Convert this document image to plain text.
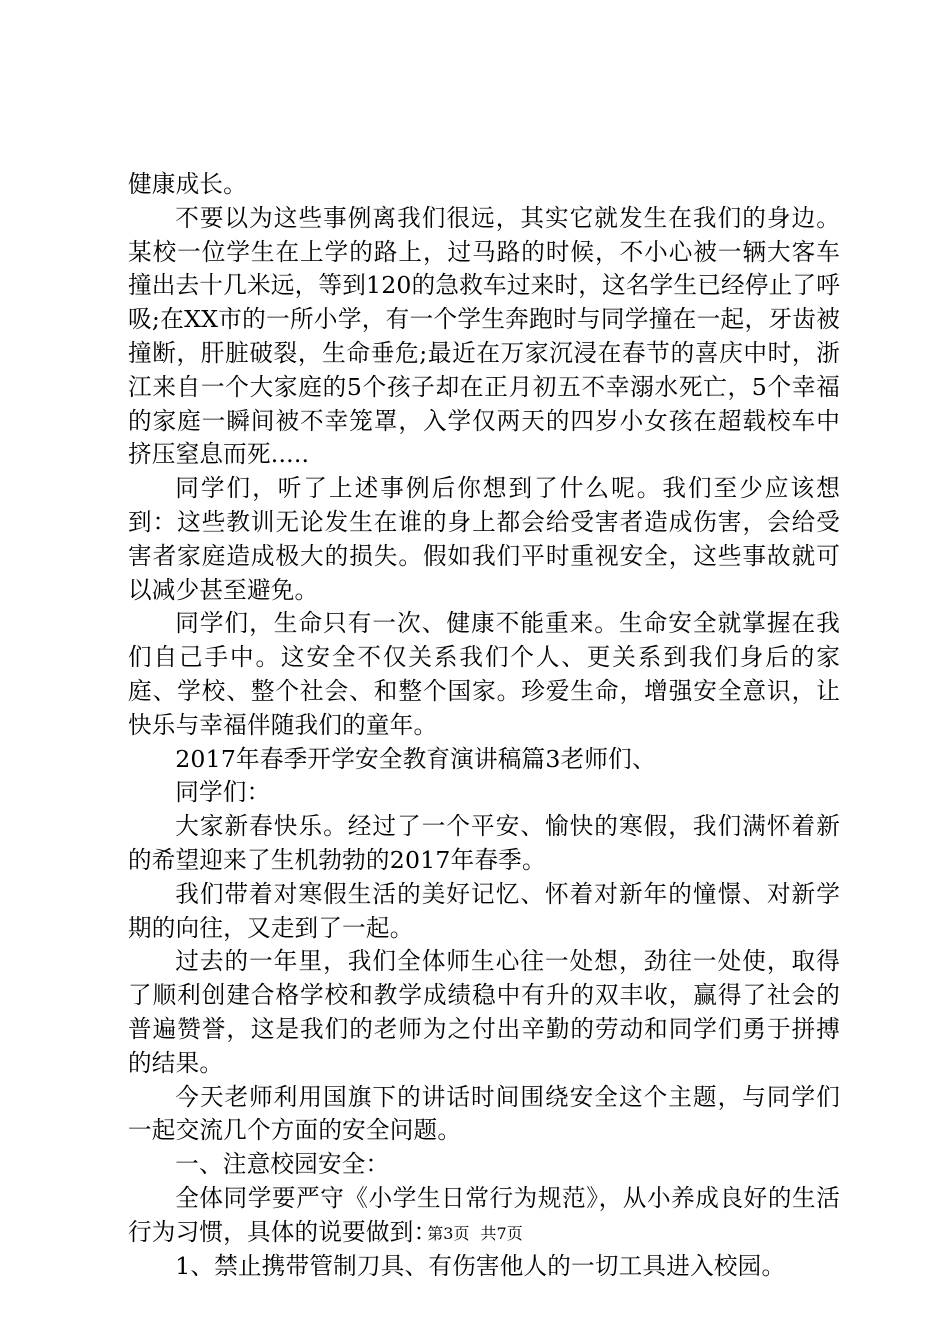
健康成长。

不要以为这些事例离我们很远，其实它就发生在我们的身边。某校一位学生在上学的路上，过马路的时候，不小心被一辆大客车撞出去十几米远，等到120的急救车过来时，这名学生已经停止了呼吸;在XX市的一所小学，有一个学生奔跑时与同学撞在一起，牙齿被撞断，肝脏破裂，生命垂危;最近在万家沉浸在春节的喜庆中时，浙江来自一个大家庭的5个孩子却在正月初五不幸溺水死亡，5个幸福的家庭一瞬间被不幸笼罩，入学仅两天的四岁小女孩在超载校车中挤压窒息而死.....

同学们，听了上述事例后你想到了什么呢。我们至少应该想到：这些教训无论发生在谁的身上都会给受害者造成伤害，会给受害者家庭造成极大的损失。假如我们平时重视安全，这些事故就可以减少甚至避免。

同学们，生命只有一次、健康不能重来。生命安全就掌握在我们自己手中。这安全不仅关系我们个人、更关系到我们身后的家庭、学校、整个社会、和整个国家。珍爱生命，增强安全意识，让快乐与幸福伴随我们的童年。

2017年春季开学安全教育演讲稿篇3老师们、

同学们：

大家新春快乐。经过了一个平安、愉快的寒假，我们满怀着新的希望迎来了生机勃勃的2017年春季。

我们带着对寒假生活的美好记忆、怀着对新年的憧憬、对新学期的向往，又走到了一起。

过去的一年里，我们全体师生心往一处想，劲往一处使，取得了顺利创建合格学校和教学成绩稳中有升的双丰收，赢得了社会的普遍赞誉，这是我们的老师为之付出辛勤的劳动和同学们勇于拼搏的结果。

今天老师利用国旗下的讲话时间围绕安全这个主题，与同学们一起交流几个方面的安全问题。

一、注意校园安全：

全体同学要严守《小学生日常行为规范》，从小养成良好的生活行为习惯，具体的说要做到：

1、禁止携带管制刀具、有伤害他人的一切工具进入校园。

第3页 共7页
